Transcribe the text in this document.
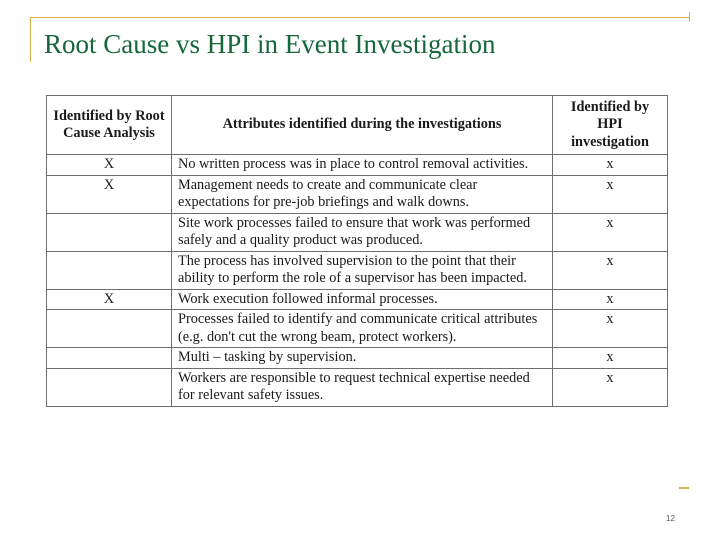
Root Cause vs HPI in Event Investigation
Identified by Root Cause Analysis	Attributes identified during the investigations	Identified by HPI investigation
X	No written process was in place to control removal activities.	x
X	Management needs to create and communicate clear expectations for pre-job briefings and walk downs.	x
	Site work processes failed to ensure that work was performed safely and a quality product was produced.	x
	The process has involved supervision to the point that their ability to perform the role of a supervisor has been impacted.	x
X	Work execution followed informal processes.	x
	Processes failed to identify and communicate critical attributes (e.g. don't cut the wrong beam, protect workers).	x
	Multi – tasking by supervision.	x
	Workers are responsible to request technical expertise needed for relevant safety issues.	x
12
